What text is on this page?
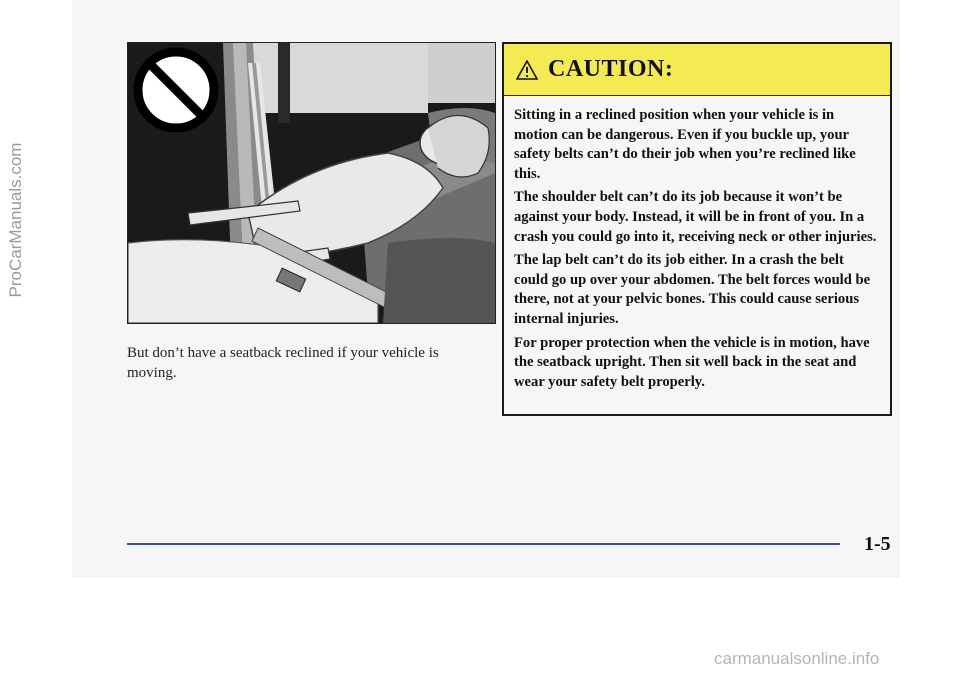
ProCarManuals.com
But don’t have a seatback reclined if your vehicle is moving.
CAUTION:

Sitting in a reclined position when your vehicle is in motion can be dangerous. Even if you buckle up, your safety belts can’t do their job when you’re reclined like this.

The shoulder belt can’t do its job because it won’t be against your body. Instead, it will be in front of you. In a crash you could go into it, receiving neck or other injuries.

The lap belt can’t do its job either. In a crash the belt could go up over your abdomen. The belt forces would be there, not at your pelvic bones. This could cause serious internal injuries.

For proper protection when the vehicle is in motion, have the seatback upright. Then sit well back in the seat and wear your safety belt properly.

1-5
carmanualsonline.info
